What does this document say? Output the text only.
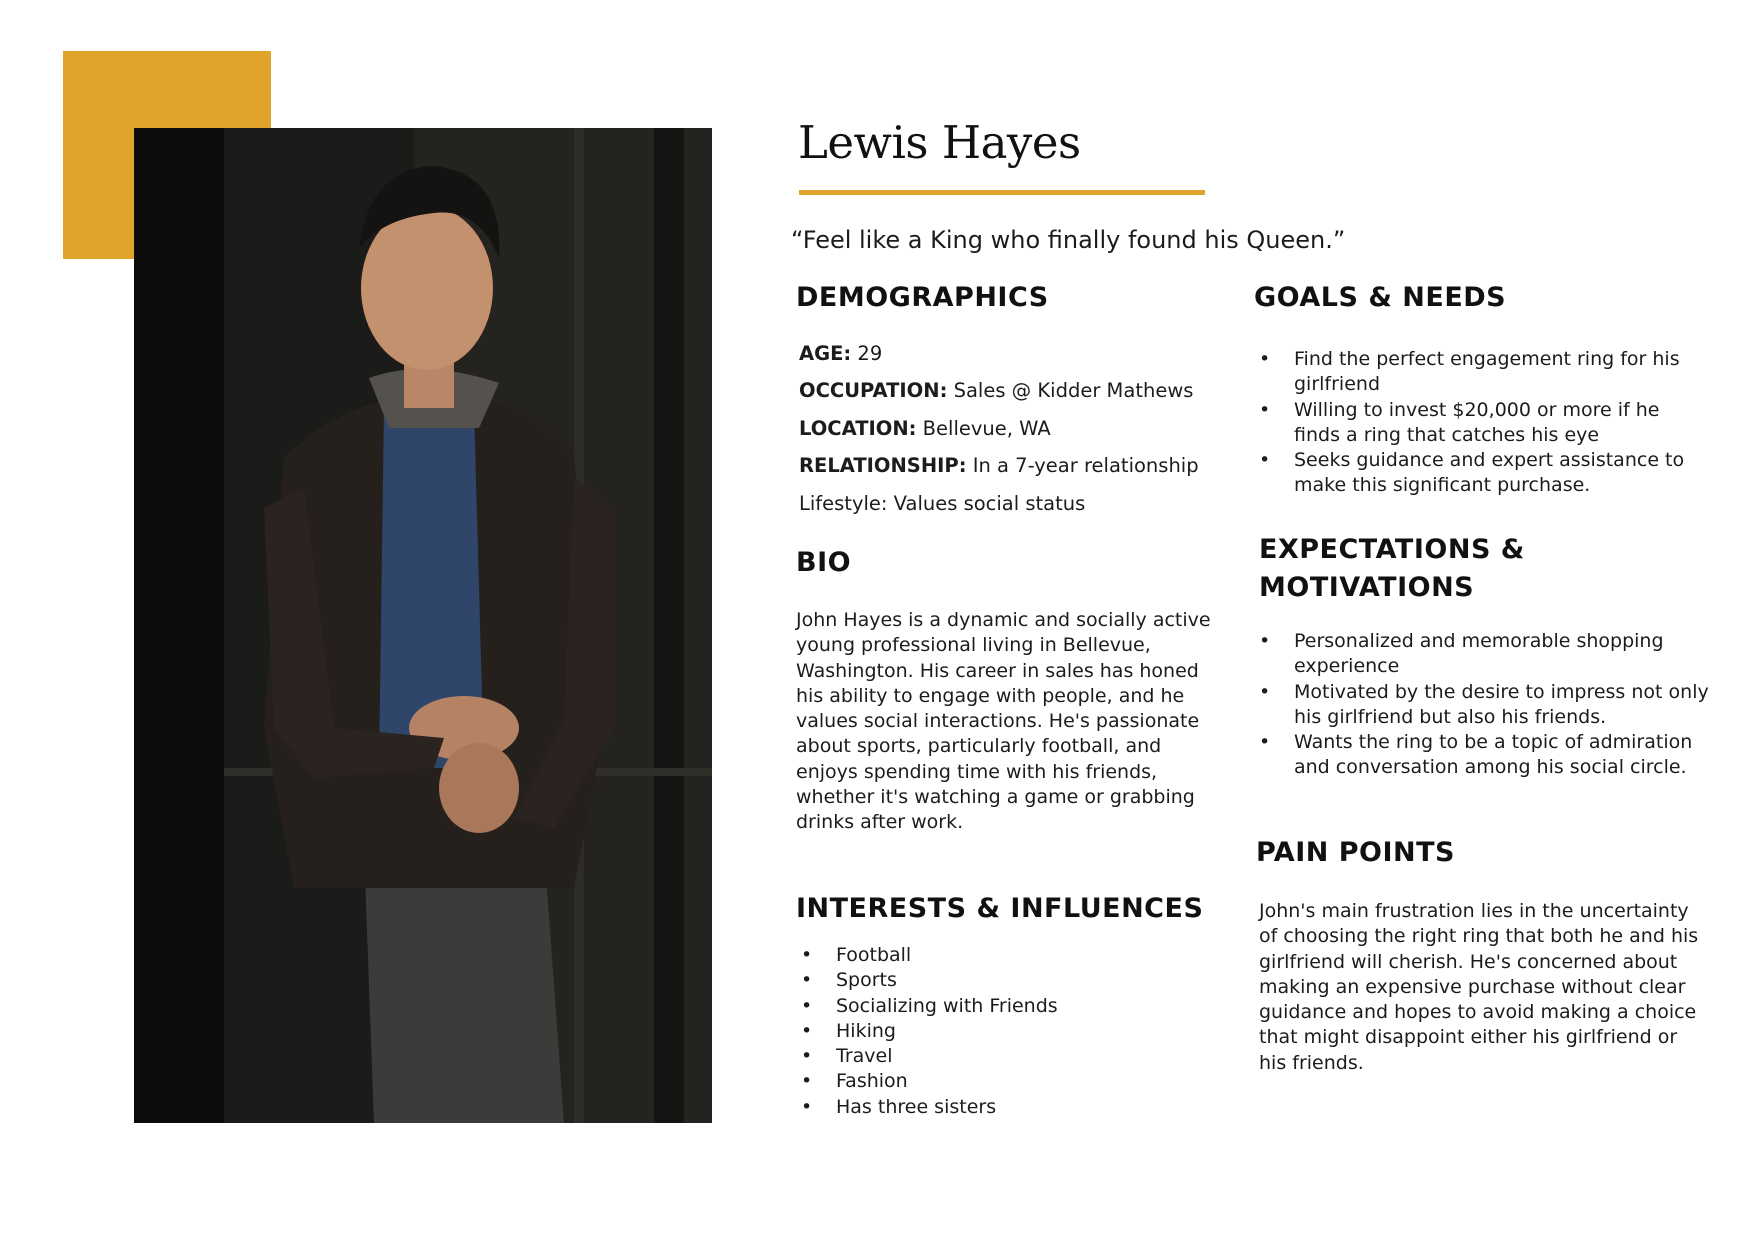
Lewis Hayes

“Feel like a King who finally found his Queen.”

DEMOGRAPHICS
AGE: 29
OCCUPATION: Sales @ Kidder Mathews
LOCATION: Bellevue, WA
RELATIONSHIP: In a 7-year relationship
Lifestyle: Values social status
BIO

John Hayes is a dynamic and socially active young professional living in Bellevue, Washington. His career in sales has honed his ability to engage with people, and he values social interactions. He's passionate about sports, particularly football, and enjoys spending time with his friends, whether it's watching a game or grabbing drinks after work.

INTERESTS & INFLUENCES
• Football
• Sports
• Socializing with Friends
• Hiking
• Travel
• Fashion
• Has three sisters
GOALS & NEEDS
• Find the perfect engagement ring for his girlfriend
• Willing to invest $20,000 or more if he finds a ring that catches his eye
• Seeks guidance and expert assistance to make this significant purchase.
EXPECTATIONS &
MOTIVATIONS
• Personalized and memorable shopping experience
• Motivated by the desire to impress not only his girlfriend but also his friends.
• Wants the ring to be a topic of admiration and conversation among his social circle.
PAIN POINTS

John's main frustration lies in the uncertainty of choosing the right ring that both he and his girlfriend will cherish. He's concerned about making an expensive purchase without clear guidance and hopes to avoid making a choice that might disappoint either his girlfriend or his friends.
